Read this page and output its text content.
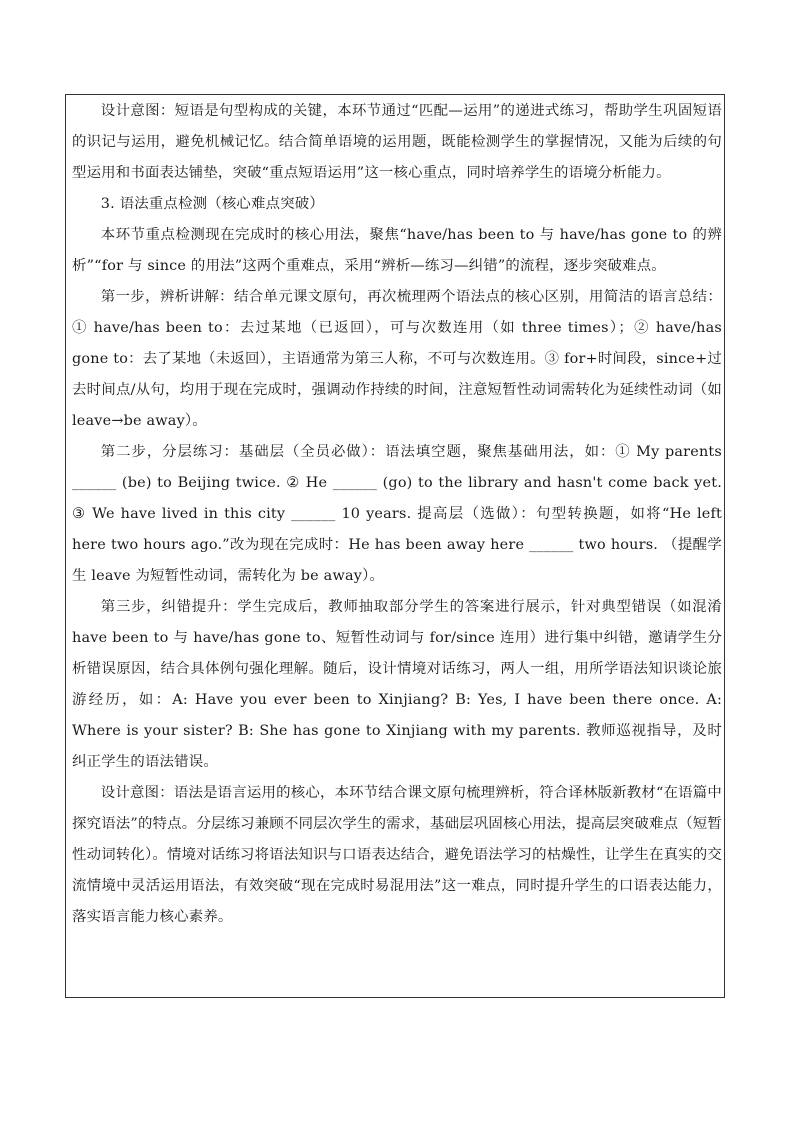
设计意图：短语是句型构成的关键，本环节通过“匹配—运用”的递进式练习，帮助学生巩固短语的识记与运用，避免机械记忆。结合简单语境的运用题，既能检测学生的掌握情况，又能为后续的句型运用和书面表达铺垫，突破“重点短语运用”这一核心重点，同时培养学生的语境分析能力。

3. 语法重点检测（核心难点突破）

本环节重点检测现在完成时的核心用法，聚焦“have/has been to 与 have/has gone to 的辨析”“for 与 since 的用法”这两个重难点，采用“辨析—练习—纠错”的流程，逐步突破难点。

第一步，辨析讲解：结合单元课文原句，再次梳理两个语法点的核心区别，用简洁的语言总结：① have/has been to：去过某地（已返回），可与次数连用（如 three times）；② have/has gone to：去了某地（未返回），主语通常为第三人称，不可与次数连用。③ for+时间段，since+过去时间点/从句，均用于现在完成时，强调动作持续的时间，注意短暂性动词需转化为延续性动词（如 leave→be away）。

第二步，分层练习：基础层（全员必做）：语法填空题，聚焦基础用法，如：① My parents ______ (be) to Beijing twice. ② He ______ (go) to the library and hasn't come back yet. ③ We have lived in this city ______ 10 years. 提高层（选做）：句型转换题，如将“He left here two hours ago.”改为现在完成时：He has been away here ______ two hours. （提醒学生 leave 为短暂性动词，需转化为 be away）。

第三步，纠错提升：学生完成后，教师抽取部分学生的答案进行展示，针对典型错误（如混淆 have been to 与 have/has gone to、短暂性动词与 for/since 连用）进行集中纠错，邀请学生分析错误原因，结合具体例句强化理解。随后，设计情境对话练习，两人一组，用所学语法知识谈论旅游经历，如：A: Have you ever been to Xinjiang? B: Yes, I have been there once. A: Where is your sister? B: She has gone to Xinjiang with my parents. 教师巡视指导，及时纠正学生的语法错误。

设计意图：语法是语言运用的核心，本环节结合课文原句梳理辨析，符合译林版新教材“在语篇中探究语法”的特点。分层练习兼顾不同层次学生的需求，基础层巩固核心用法，提高层突破难点（短暂性动词转化）。情境对话练习将语法知识与口语表达结合，避免语法学习的枯燥性，让学生在真实的交流情境中灵活运用语法，有效突破“现在完成时易混用法”这一难点，同时提升学生的口语表达能力，落实语言能力核心素养。
